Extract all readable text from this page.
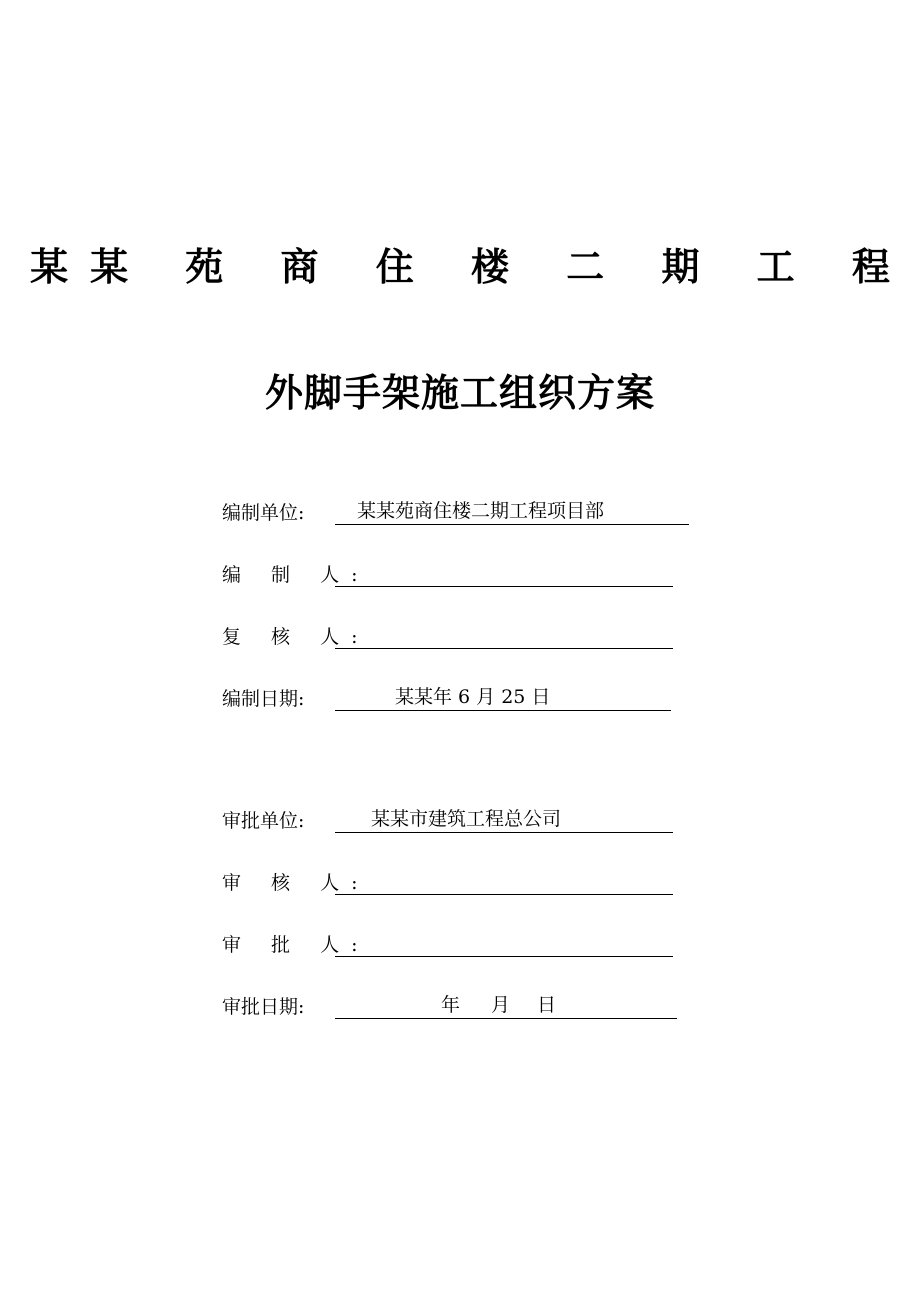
某某 苑 商 住 楼 二 期 工 程
外脚手架施工组织方案
编制单位:	某某苑商住楼二期工程项目部
编 制 人:
复 核 人:
编制日期:	某某年 6 月 25 日
审批单位:	某某市建筑工程总公司
审 核 人:
审 批 人:
审批日期:	年 月 日
